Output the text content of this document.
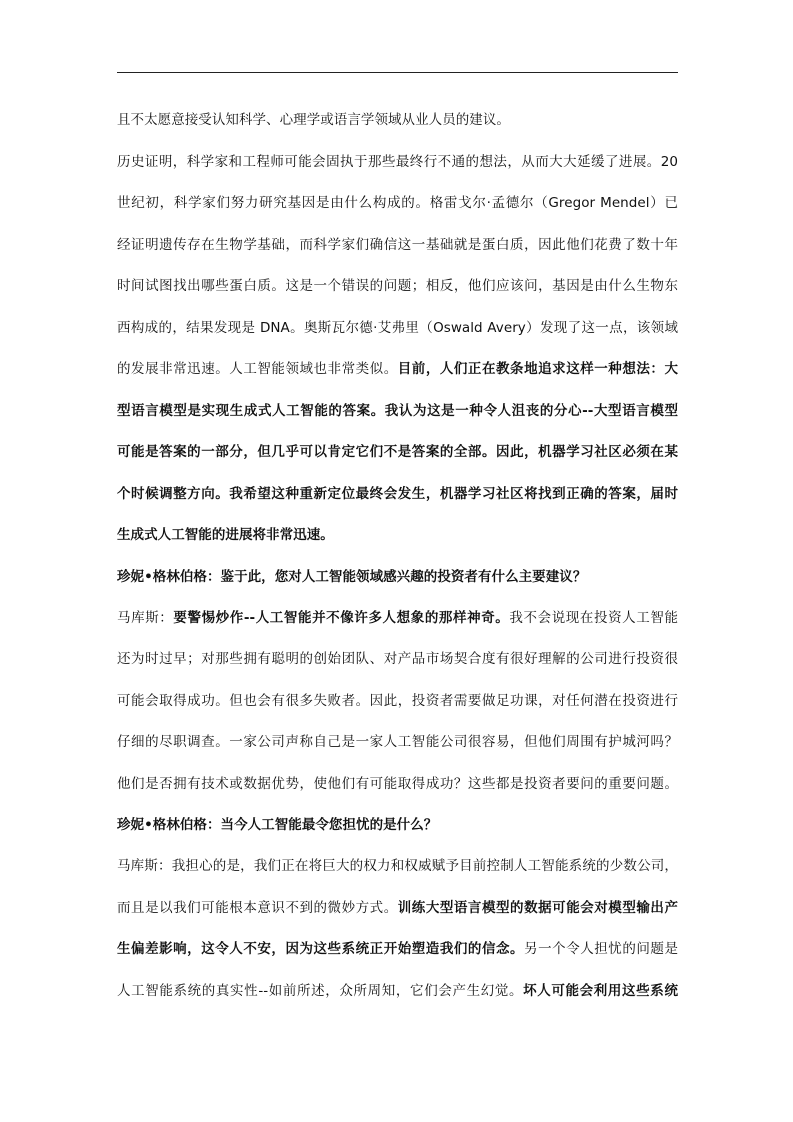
且不太愿意接受认知科学、心理学或语言学领域从业人员的建议。
历史证明，科学家和工程师可能会固执于那些最终行不通的想法，从而大大延缓了进展。20
世纪初，科学家们努力研究基因是由什么构成的。格雷戈尔·孟德尔（Gregor Mendel）已
经证明遗传存在生物学基础，而科学家们确信这一基础就是蛋白质，因此他们花费了数十年
时间试图找出哪些蛋白质。这是一个错误的问题；相反，他们应该问，基因是由什么生物东
西构成的，结果发现是 DNA。奥斯瓦尔德·艾弗里（Oswald Avery）发现了这一点，该领域
的发展非常迅速。人工智能领域也非常类似。目前，人们正在教条地追求这样一种想法：大
型语言模型是实现生成式人工智能的答案。我认为这是一种令人沮丧的分心--大型语言模型
可能是答案的一部分，但几乎可以肯定它们不是答案的全部。因此，机器学习社区必须在某
个时候调整方向。我希望这种重新定位最终会发生，机器学习社区将找到正确的答案，届时
生成式人工智能的进展将非常迅速。
珍妮•格林伯格：鉴于此，您对人工智能领域感兴趣的投资者有什么主要建议？
马库斯：要警惕炒作--人工智能并不像许多人想象的那样神奇。我不会说现在投资人工智能
还为时过早；对那些拥有聪明的创始团队、对产品市场契合度有很好理解的公司进行投资很
可能会取得成功。但也会有很多失败者。因此，投资者需要做足功课，对任何潜在投资进行
仔细的尽职调查。一家公司声称自己是一家人工智能公司很容易，但他们周围有护城河吗？
他们是否拥有技术或数据优势，使他们有可能取得成功？这些都是投资者要问的重要问题。
珍妮•格林伯格：当今人工智能最令您担忧的是什么？
马库斯：我担心的是，我们正在将巨大的权力和权威赋予目前控制人工智能系统的少数公司，
而且是以我们可能根本意识不到的微妙方式。训练大型语言模型的数据可能会对模型输出产
生偏差影响，这令人不安，因为这些系统正开始塑造我们的信念。另一个令人担忧的问题是
人工智能系统的真实性--如前所述，众所周知，它们会产生幻觉。坏人可能会利用这些系统
